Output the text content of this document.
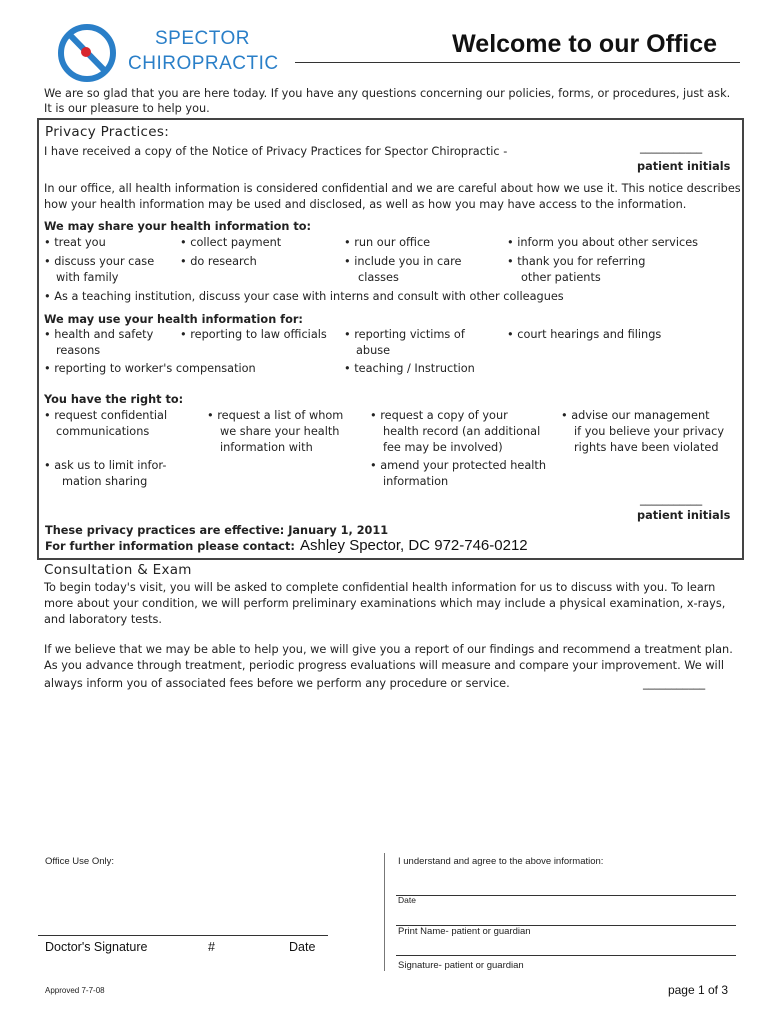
SPECTOR
CHIROPRACTIC
Welcome to our Office
We are so glad that you are here today. If you have any questions concerning our policies, forms, or procedures, just ask.
It is our pleasure to help you.
Privacy Practices:
I have received a copy of the Notice of Privacy Practices for Spector Chiropractic -	___________
patient initials
In our office, all health information is considered confidential and we are careful about how we use it. This notice describes
how your health information may be used and disclosed, as well as how you may have access to the information.
We may share your health information to:
• treat you	• collect payment	• run our office	• inform you about other services
• discuss your case
with family
• do research	• include you in care
classes
• thank you for referring
other patients
• As a teaching institution, discuss your case with interns and consult with other colleagues
We may use your health information for:
• health and safety
reasons
• reporting to law officials • reporting victims of
abuse
• court hearings and filings
• reporting to worker's compensation	• teaching / Instruction
You have the right to:
• request confidential
communications
• request a list of whom
we share your health
information with
• request a copy of your
health record (an additional
fee may be involved)
• advise our management
if you believe your privacy
rights have been violated
• ask us to limit infor-
mation sharing
• amend your protected health
information
___________
patient initials
These privacy practices are effective: January 1, 2011
For further information please contact: Ashley Spector, DC 972-746-0212
Consultation & Exam
To begin today's visit, you will be asked to complete confidential health information for us to discuss with you. To learn
more about your condition, we will perform preliminary examinations which may include a physical examination, x-rays,
and laboratory tests.
If we believe that we may be able to help you, we will give you a report of our findings and recommend a treatment plan.
As you advance through treatment, periodic progress evaluations will measure and compare your improvement. We will
always inform you of associated fees before we perform any procedure or service.	___________
Office Use Only:
Doctor's Signature	#	Date
I understand and agree to the above information:
Date
Print Name- patient or guardian
Signature- patient or guardian
Approved 7-7-08	page 1 of 3
